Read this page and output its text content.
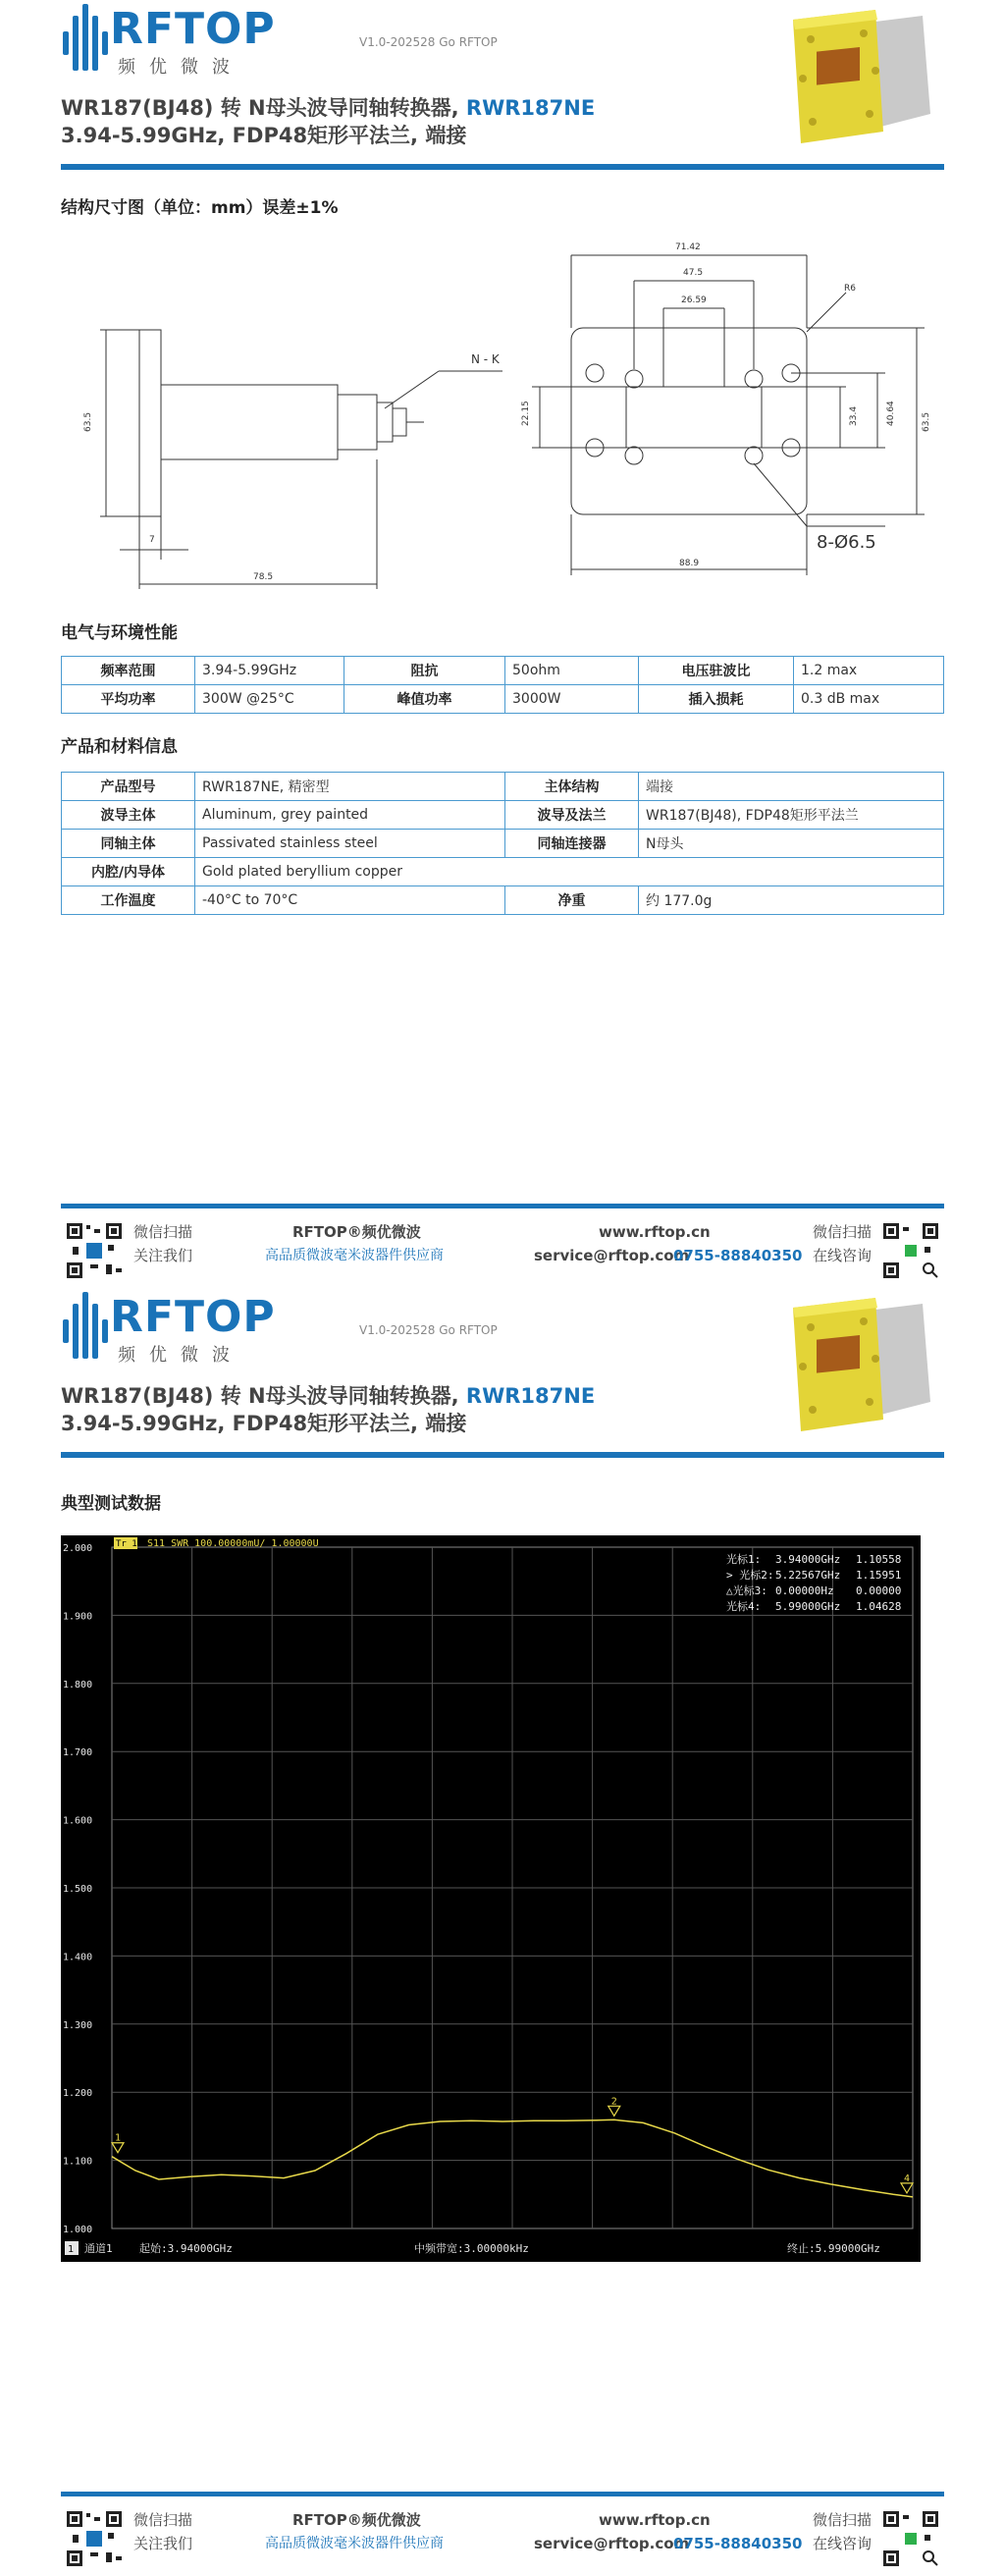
RFTOP
频优微波
V1.0-202528 Go RFTOP
WR187(BJ48) 转 N母头波导同轴转换器, RWR187NE
3.94-5.99GHz, FDP48矩形平法兰, 端接
结构尺寸图（单位：mm）误差±1%
N - K
63.5
7
78.5
71.42
47.5
26.59
R6
88.9
63.5
40.64
33.4
22.15
8-Ø6.5
电气与环境性能
频率范围	3.94-5.99GHz	阻抗	50ohm	电压驻波比	1.2 max
平均功率	300W @25°C	峰值功率	3000W	插入损耗	0.3 dB max
产品和材料信息
产品型号	RWR187NE, 精密型	主体结构	端接
波导主体	Aluminum, grey painted	波导及法兰	WR187(BJ48), FDP48矩形平法兰
同轴主体	Passivated stainless steel	同轴连接器	N母头
内腔/内导体	Gold plated beryllium copper		
工作温度	-40°C to 70°C	净重	约 177.0g
微信扫描
关注我们
RFTOP®频优微波
高品质微波毫米波器件供应商
www.rftop.cn
service@rftop.com
0755-88840350
微信扫描
在线咨询
RFTOP
频优微波
V1.0-202528 Go RFTOP
WR187(BJ48) 转 N母头波导同轴转换器, RWR187NE
3.94-5.99GHz, FDP48矩形平法兰, 端接
典型测试数据
2.000
1.900
1.800
1.700
1.600
1.500
1.400
1.300
1.200
1.100
1.000
Tr 1 S11 SWR 100.00000mU/ 1.00000U
光标1: 3.94000GHz 1.10558
> 光标2: 5.22567GHz 1.15951
△光标3: 0.00000Hz 0.00000
光标4: 5.99000GHz 1.04628
1
2
4
1 通道1 起始:3.94000GHz	中频带宽:3.00000kHz	终止:5.99000GHz
微信扫描
关注我们
RFTOP®频优微波
高品质微波毫米波器件供应商
www.rftop.cn
service@rftop.com
0755-88840350
微信扫描
在线咨询
